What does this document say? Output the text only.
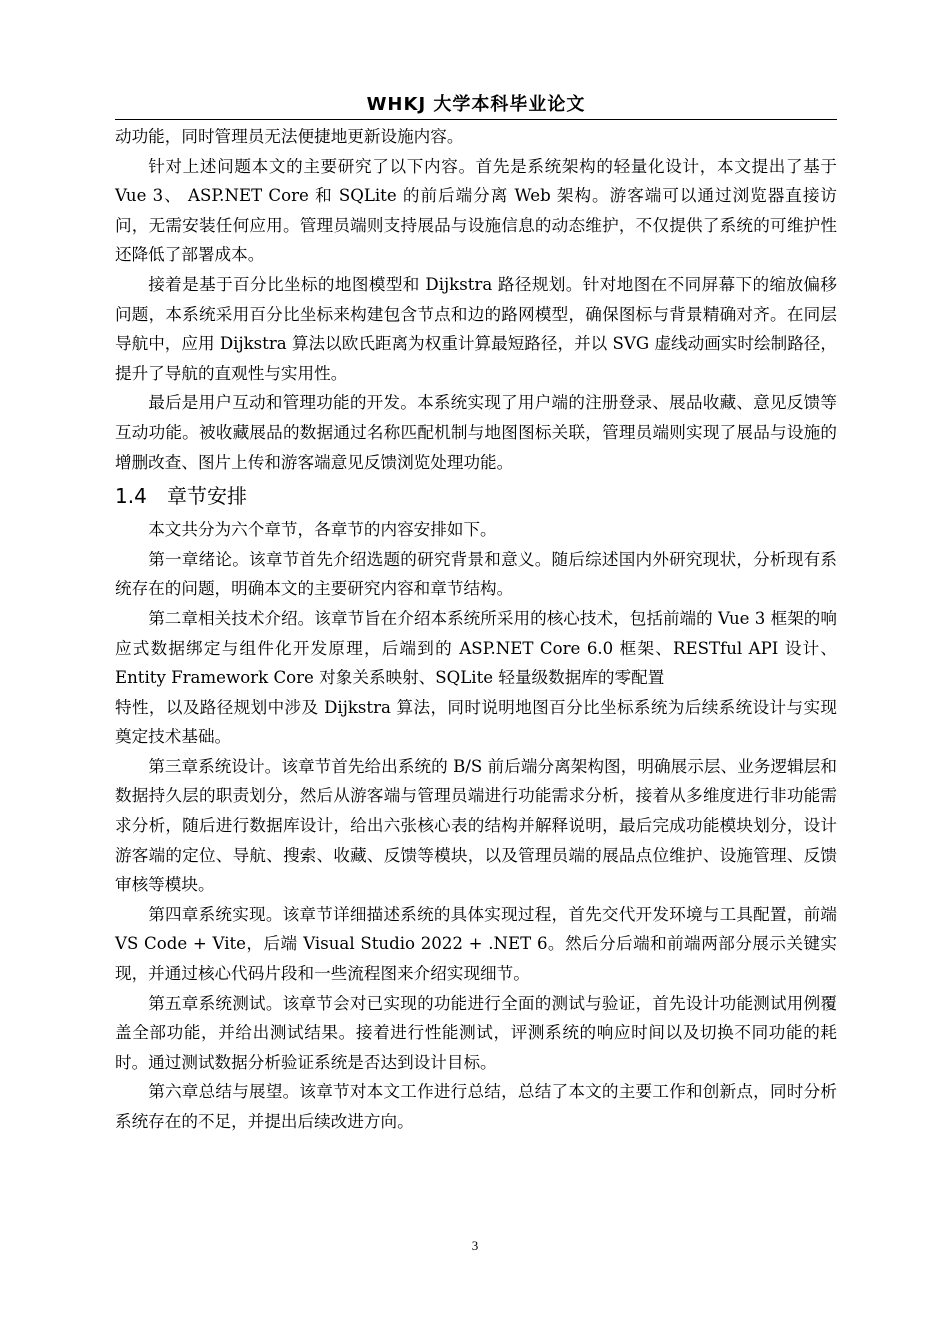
WHKJ 大学本科毕业论文

动功能，同时管理员无法便捷地更新设施内容。

针对上述问题本文的主要研究了以下内容。首先是系统架构的轻量化设计，本文提出了基于 Vue 3、 ASP.NET Core 和 SQLite 的前后端分离 Web 架构。游客端可以通过浏览器直接访问，无需安装任何应用。管理员端则支持展品与设施信息的动态维护，不仅提供了系统的可维护性还降低了部署成本。

接着是基于百分比坐标的地图模型和 Dijkstra 路径规划。针对地图在不同屏幕下的缩放偏移问题，本系统采用百分比坐标来构建包含节点和边的路网模型，确保图标与背景精确对齐。在同层导航中，应用 Dijkstra 算法以欧氏距离为权重计算最短路径，并以 SVG 虚线动画实时绘制路径，提升了导航的直观性与实用性。

最后是用户互动和管理功能的开发。本系统实现了用户端的注册登录、展品收藏、意见反馈等互动功能。被收藏展品的数据通过名称匹配机制与地图图标关联，管理员端则实现了展品与设施的增删改查、图片上传和游客端意见反馈浏览处理功能。

1.4 章节安排

本文共分为六个章节，各章节的内容安排如下。

第一章绪论。该章节首先介绍选题的研究背景和意义。随后综述国内外研究现状，分析现有系统存在的问题，明确本文的主要研究内容和章节结构。

第二章相关技术介绍。该章节旨在介绍本系统所采用的核心技术，包括前端的 Vue 3 框架的响应式数据绑定与组件化开发原理，后端到的 ASP.NET Core 6.0 框架、RESTful API 设计、Entity Framework Core 对象关系映射、SQLite 轻量级数据库的零配置

特性，以及路径规划中涉及 Dijkstra 算法，同时说明地图百分比坐标系统为后续系统设计与实现奠定技术基础。

第三章系统设计。该章节首先给出系统的 B/S 前后端分离架构图，明确展示层、业务逻辑层和数据持久层的职责划分，然后从游客端与管理员端进行功能需求分析，接着从多维度进行非功能需求分析，随后进行数据库设计，给出六张核心表的结构并解释说明，最后完成功能模块划分，设计游客端的定位、导航、搜索、收藏、反馈等模块，以及管理员端的展品点位维护、设施管理、反馈审核等模块。

第四章系统实现。该章节详细描述系统的具体实现过程，首先交代开发环境与工具配置，前端 VS Code + Vite，后端 Visual Studio 2022 + .NET 6。然后分后端和前端两部分展示关键实现，并通过核心代码片段和一些流程图来介绍实现细节。

第五章系统测试。该章节会对已实现的功能进行全面的测试与验证，首先设计功能测试用例覆盖全部功能，并给出测试结果。接着进行性能测试，评测系统的响应时间以及切换不同功能的耗时。通过测试数据分析验证系统是否达到设计目标。

第六章总结与展望。该章节对本文工作进行总结，总结了本文的主要工作和创新点，同时分析系统存在的不足，并提出后续改进方向。

3
